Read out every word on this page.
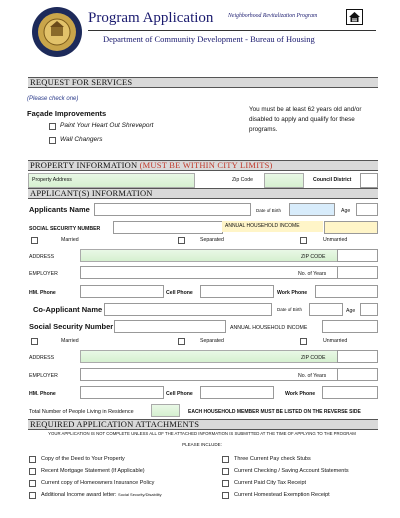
Program Application	Neighborhood Revitalization Program
Department of Community Development - Bureau of Housing
REQUEST FOR SERVICES
(Please check one)
Façade Improvements
Paint Your Heart Out Shreveport
Wall Changers
You must be at least 62 years old and/or disabled to apply and qualify for these programs.
PROPERTY INFORMATION (MUST BE WITHIN CITY LIMITS)
Property Address	Zip Code	Council District
APPLICANT(S) INFORMATION
Applicants Name	Date of Birth	Age
SOCIAL SECURITY NUMBER	ANNUAL HOUSEHOLD INCOME
Married	Separated	Unmarried
ADDRESS	ZIP CODE
EMPLOYER	No. of Years
HM. Phone	Cell Phone	Work Phone
Co-Applicant Name	Date of Birth	Age
Social Security Number	ANNUAL HOUSEHOLD INCOME
Married	Separated	Unmarried
ADDRESS	ZIP CODE
EMPLOYER	No. of Years
HM. Phone	Cell Phone	Work Phone
Total Number of People Living in Residence	EACH HOUSEHOLD MEMBER MUST BE LISTED ON THE REVERSE SIDE
REQUIRED APPLICATION ATTACHMENTS
YOUR APPLICATION IS NOT COMPLETE UNLESS ALL OF THE ATTACHED INFORMATION IS SUBMITTED AT THE TIME OF APPLYING TO THE PROGRAM
PLEASE INCLUDE:
Copy of the Deed to Your Property
Recent Mortgage Statement (If Applicable)
Current copy of Homeowners Insurance Policy
Additional Income award letter: Social Security/Disability
Three Current Pay check Stubs
Current Checking / Saving Account Statements
Current Paid City Tax Receipt
Current Homestead Exemption Receipt
